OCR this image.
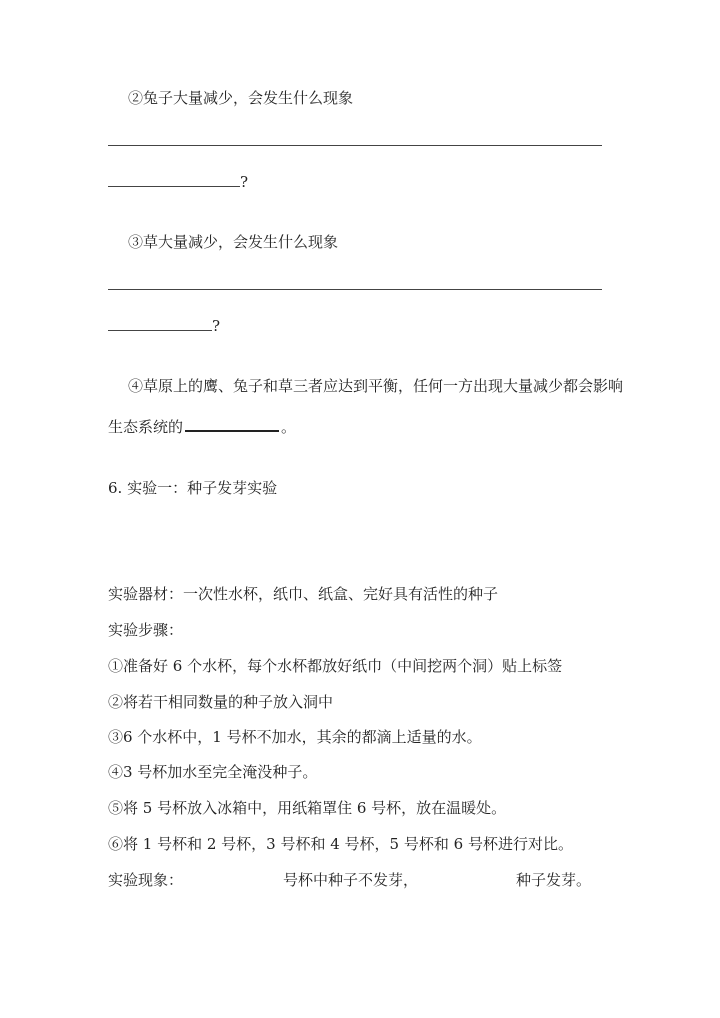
②兔子大量减少，会发生什么现象
?
③草大量减少，会发生什么现象
?
④草原上的鹰、兔子和草三者应达到平衡，任何一方出现大量减少都会影响
生态系统的	。
6. 实验一：种子发芽实验
实验器材：一次性水杯，纸巾、纸盒、完好具有活性的种子
实验步骤：
①准备好 6 个水杯，每个水杯都放好纸巾（中间挖两个洞）贴上标签
②将若干相同数量的种子放入洞中
③6 个水杯中，1 号杯不加水，其余的都滴上适量的水。
④3 号杯加水至完全淹没种子。
⑤将 5 号杯放入冰箱中，用纸箱罩住 6 号杯，放在温暖处。
⑥将 1 号杯和 2 号杯，3 号杯和 4 号杯，5 号杯和 6 号杯进行对比。
实验现象：	号杯中种子不发芽，	种子发芽。
